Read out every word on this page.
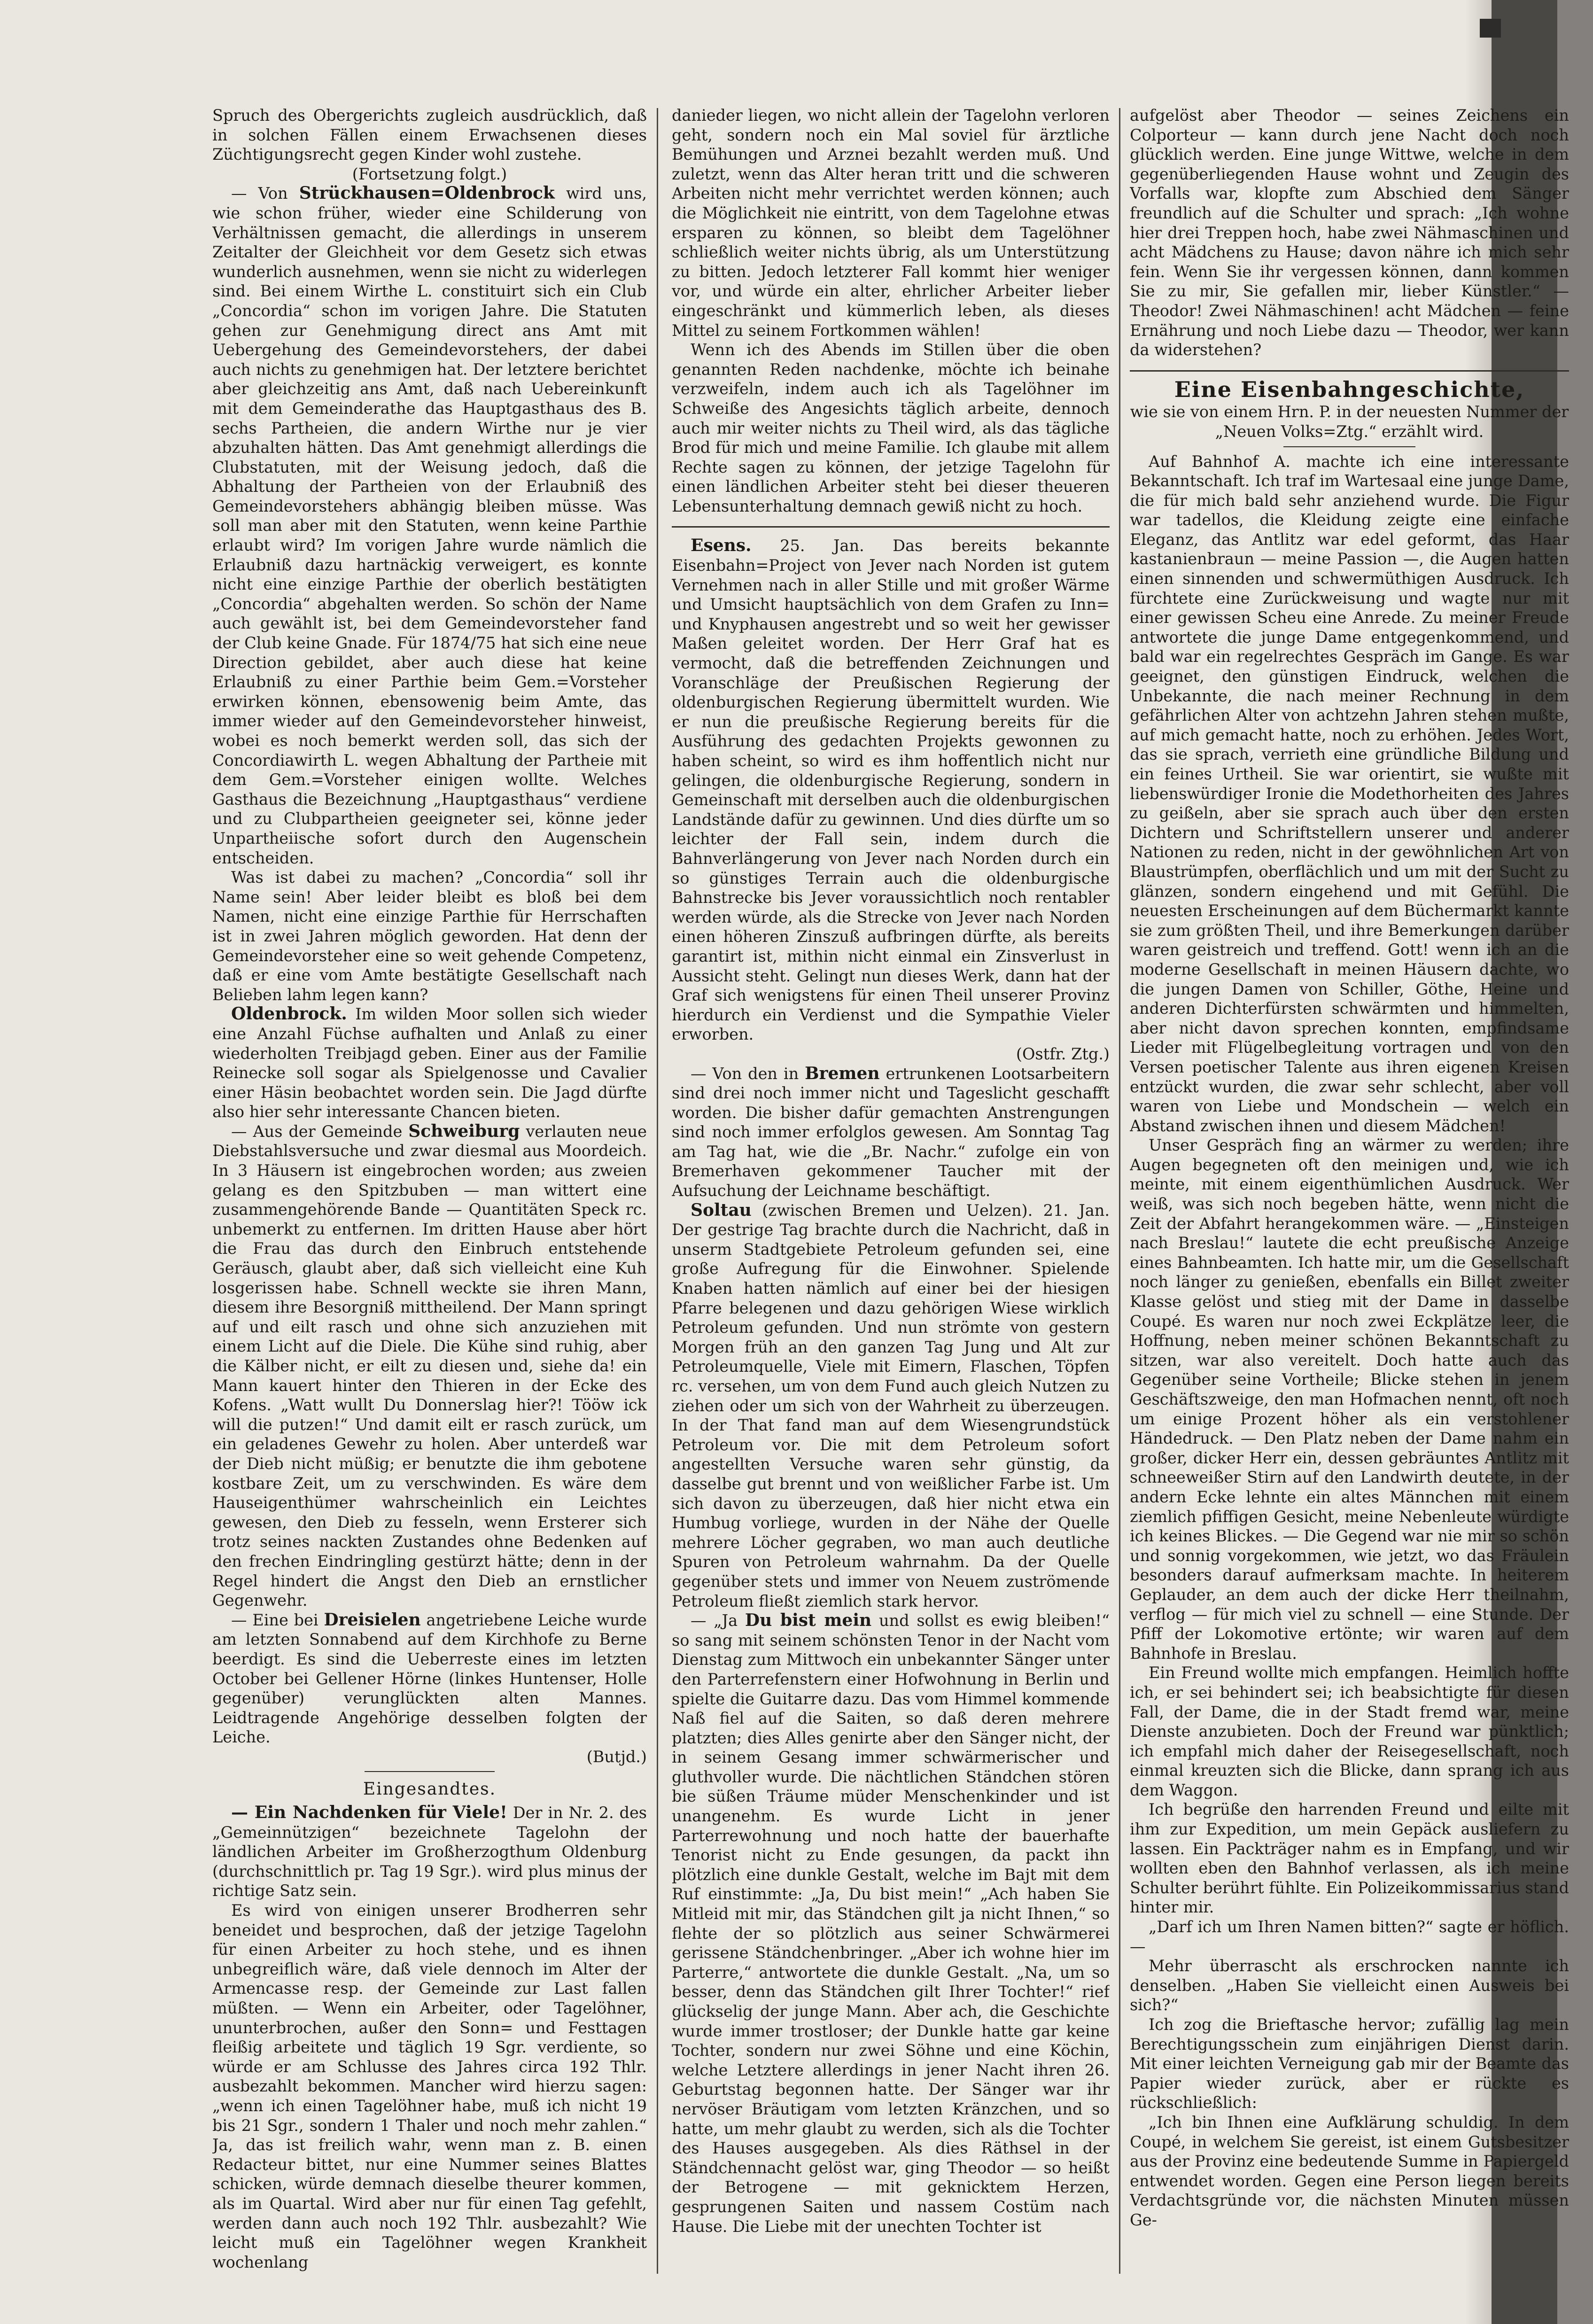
Spruch des Obergerichts zugleich ausdrücklich, daß in solchen Fällen einem Erwachsenen dieses Züchtigungsrecht gegen Kinder wohl zustehe.

(Fortsetzung folgt.)

— Von Strückhausen=Oldenbrock wird uns, wie schon früher, wieder eine Schilderung von Verhältnissen gemacht, die allerdings in unserem Zeitalter der Gleichheit vor dem Gesetz sich etwas wunderlich ausnehmen, wenn sie nicht zu widerlegen sind. Bei einem Wirthe L. constituirt sich ein Club „Concordia“ schon im vorigen Jahre. Die Statuten gehen zur Genehmigung direct ans Amt mit Uebergehung des Gemeindevorstehers, der dabei auch nichts zu genehmigen hat. Der letztere berichtet aber gleichzeitig ans Amt, daß nach Uebereinkunft mit dem Gemeinderathe das Hauptgasthaus des B. sechs Partheien, die andern Wirthe nur je vier abzuhalten hätten. Das Amt genehmigt allerdings die Clubstatuten, mit der Weisung jedoch, daß die Abhaltung der Partheien von der Erlaubniß des Gemeindevorstehers abhängig bleiben müsse. Was soll man aber mit den Statuten, wenn keine Parthie erlaubt wird? Im vorigen Jahre wurde nämlich die Erlaubniß dazu hartnäckig verweigert, es konnte nicht eine einzige Parthie der oberlich bestätigten „Concordia“ abgehalten werden. So schön der Name auch gewählt ist, bei dem Gemeindevorsteher fand der Club keine Gnade. Für 1874/75 hat sich eine neue Direction gebildet, aber auch diese hat keine Erlaubniß zu einer Parthie beim Gem.=Vorsteher erwirken können, ebensowenig beim Amte, das immer wieder auf den Gemeindevorsteher hinweist, wobei es noch bemerkt werden soll, das sich der Concordiawirth L. wegen Abhaltung der Partheie mit dem Gem.=Vorsteher einigen wollte. Welches Gasthaus die Bezeichnung „Hauptgasthaus“ verdiene und zu Clubpartheien geeigneter sei, könne jeder Unpartheiische sofort durch den Augenschein entscheiden.

Was ist dabei zu machen? „Concordia“ soll ihr Name sein! Aber leider bleibt es bloß bei dem Namen, nicht eine einzige Parthie für Herrschaften ist in zwei Jahren möglich geworden. Hat denn der Gemeindevorsteher eine so weit gehende Competenz, daß er eine vom Amte bestätigte Gesellschaft nach Belieben lahm legen kann?

Oldenbrock. Im wilden Moor sollen sich wieder eine Anzahl Füchse aufhalten und Anlaß zu einer wiederholten Treibjagd geben. Einer aus der Familie Reinecke soll sogar als Spielgenosse und Cavalier einer Häsin beobachtet worden sein. Die Jagd dürfte also hier sehr interessante Chancen bieten.

— Aus der Gemeinde Schweiburg verlauten neue Diebstahlsversuche und zwar diesmal aus Moordeich. In 3 Häusern ist eingebrochen worden; aus zweien gelang es den Spitzbuben — man wittert eine zusammengehörende Bande — Quantitäten Speck rc. unbemerkt zu entfernen. Im dritten Hause aber hört die Frau das durch den Einbruch entstehende Geräusch, glaubt aber, daß sich vielleicht eine Kuh losgerissen habe. Schnell weckte sie ihren Mann, diesem ihre Besorgniß mittheilend. Der Mann springt auf und eilt rasch und ohne sich anzuziehen mit einem Licht auf die Diele. Die Kühe sind ruhig, aber die Kälber nicht, er eilt zu diesen und, siehe da! ein Mann kauert hinter den Thieren in der Ecke des Kofens. „Watt wullt Du Donnerslag hier?! Tööw ick will die putzen!“ Und damit eilt er rasch zurück, um ein geladenes Gewehr zu holen. Aber unterdeß war der Dieb nicht müßig; er benutzte die ihm gebotene kostbare Zeit, um zu verschwinden. Es wäre dem Hauseigenthümer wahrscheinlich ein Leichtes gewesen, den Dieb zu fesseln, wenn Ersterer sich trotz seines nackten Zustandes ohne Bedenken auf den frechen Eindringling gestürzt hätte; denn in der Regel hindert die Angst den Dieb an ernstlicher Gegenwehr.

— Eine bei Dreisielen angetriebene Leiche wurde am letzten Sonnabend auf dem Kirchhofe zu Berne beerdigt. Es sind die Ueberreste eines im letzten October bei Gellener Hörne (linkes Huntenser, Holle gegenüber) verunglückten alten Mannes. Leidtragende Angehörige desselben folgten der Leiche.

(Butjd.)

Eingesandtes.

— Ein Nachdenken für Viele! Der in Nr. 2. des „Gemeinnützigen“ bezeichnete Tagelohn der ländlichen Arbeiter im Großherzogthum Oldenburg (durchschnittlich pr. Tag 19 Sgr.). wird plus minus der richtige Satz sein.

Es wird von einigen unserer Brodherren sehr beneidet und besprochen, daß der jetzige Tagelohn für einen Arbeiter zu hoch stehe, und es ihnen unbegreiflich wäre, daß viele dennoch im Alter der Armencasse resp. der Gemeinde zur Last fallen müßten. — Wenn ein Arbeiter, oder Tagelöhner, ununterbrochen, außer den Sonn= und Festtagen fleißig arbeitete und täglich 19 Sgr. verdiente, so würde er am Schlusse des Jahres circa 192 Thlr. ausbezahlt bekommen. Mancher wird hierzu sagen: „wenn ich einen Tagelöhner habe, muß ich nicht 19 bis 21 Sgr., sondern 1 Thaler und noch mehr zahlen.“ Ja, das ist freilich wahr, wenn man z. B. einen Redacteur bittet, nur eine Nummer seines Blattes schicken, würde demnach dieselbe theurer kommen, als im Quartal. Wird aber nur für einen Tag gefehlt, werden dann auch noch 192 Thlr. ausbezahlt? Wie leicht muß ein Tagelöhner wegen Krankheit wochenlang

danieder liegen, wo nicht allein der Tagelohn verloren geht, sondern noch ein Mal soviel für ärztliche Bemühungen und Arznei bezahlt werden muß. Und zuletzt, wenn das Alter heran tritt und die schweren Arbeiten nicht mehr verrichtet werden können; auch die Möglichkeit nie eintritt, von dem Tagelohne etwas ersparen zu können, so bleibt dem Tagelöhner schließlich weiter nichts übrig, als um Unterstützung zu bitten. Jedoch letzterer Fall kommt hier weniger vor, und würde ein alter, ehrlicher Arbeiter lieber eingeschränkt und kümmerlich leben, als dieses Mittel zu seinem Fortkommen wählen!

Wenn ich des Abends im Stillen über die oben genannten Reden nachdenke, möchte ich beinahe verzweifeln, indem auch ich als Tagelöhner im Schweiße des Angesichts täglich arbeite, dennoch auch mir weiter nichts zu Theil wird, als das tägliche Brod für mich und meine Familie. Ich glaube mit allem Rechte sagen zu können, der jetzige Tagelohn für einen ländlichen Arbeiter steht bei dieser theueren Lebensunterhaltung demnach gewiß nicht zu hoch.

Esens. 25. Jan. Das bereits bekannte Eisenbahn=Project von Jever nach Norden ist gutem Vernehmen nach in aller Stille und mit großer Wärme und Umsicht hauptsächlich von dem Grafen zu Inn= und Knyphausen angestrebt und so weit her gewisser Maßen geleitet worden. Der Herr Graf hat es vermocht, daß die betreffenden Zeichnungen und Voranschläge der Preußischen Regierung der oldenburgischen Regierung übermittelt wurden. Wie er nun die preußische Regierung bereits für die Ausführung des gedachten Projekts gewonnen zu haben scheint, so wird es ihm hoffentlich nicht nur gelingen, die oldenburgische Regierung, sondern in Gemeinschaft mit derselben auch die oldenburgischen Landstände dafür zu gewinnen. Und dies dürfte um so leichter der Fall sein, indem durch die Bahnverlängerung von Jever nach Norden durch ein so günstiges Terrain auch die oldenburgische Bahnstrecke bis Jever voraussichtlich noch rentabler werden würde, als die Strecke von Jever nach Norden einen höheren Zinszuß aufbringen dürfte, als bereits garantirt ist, mithin nicht einmal ein Zinsverlust in Aussicht steht. Gelingt nun dieses Werk, dann hat der Graf sich wenigstens für einen Theil unserer Provinz hierdurch ein Verdienst und die Sympathie Vieler erworben.

(Ostfr. Ztg.)

— Von den in Bremen ertrunkenen Lootsarbeitern sind drei noch immer nicht und Tageslicht geschafft worden. Die bisher dafür gemachten Anstrengungen sind noch immer erfolglos gewesen. Am Sonntag Tag am Tag hat, wie die „Br. Nachr.“ zufolge ein von Bremerhaven gekommener Taucher mit der Aufsuchung der Leichname beschäftigt.

Soltau (zwischen Bremen und Uelzen). 21. Jan. Der gestrige Tag brachte durch die Nachricht, daß in unserm Stadtgebiete Petroleum gefunden sei, eine große Aufregung für die Einwohner. Spielende Knaben hatten nämlich auf einer bei der hiesigen Pfarre belegenen und dazu gehörigen Wiese wirklich Petroleum gefunden. Und nun strömte von gestern Morgen früh an den ganzen Tag Jung und Alt zur Petroleumquelle, Viele mit Eimern, Flaschen, Töpfen rc. versehen, um von dem Fund auch gleich Nutzen zu ziehen oder um sich von der Wahrheit zu überzeugen. In der That fand man auf dem Wiesengrundstück Petroleum vor. Die mit dem Petroleum sofort angestellten Versuche waren sehr günstig, da dasselbe gut brennt und von weißlicher Farbe ist. Um sich davon zu überzeugen, daß hier nicht etwa ein Humbug vorliege, wurden in der Nähe der Quelle mehrere Löcher gegraben, wo man auch deutliche Spuren von Petroleum wahrnahm. Da der Quelle gegenüber stets und immer von Neuem zuströmende Petroleum fließt ziemlich stark hervor.

— „Ja Du bist mein und sollst es ewig bleiben!“ so sang mit seinem schönsten Tenor in der Nacht vom Dienstag zum Mittwoch ein unbekannter Sänger unter den Parterrefenstern einer Hofwohnung in Berlin und spielte die Guitarre dazu. Das vom Himmel kommende Naß fiel auf die Saiten, so daß deren mehrere platzten; dies Alles genirte aber den Sänger nicht, der in seinem Gesang immer schwärmerischer und gluthvoller wurde. Die nächtlichen Ständchen stören bie süßen Träume müder Menschenkinder und ist unangenehm. Es wurde Licht in jener Parterrewohnung und noch hatte der bauerhafte Tenorist nicht zu Ende gesungen, da packt ihn plötzlich eine dunkle Gestalt, welche im Bajt mit dem Ruf einstimmte: „Ja, Du bist mein!“ „Ach haben Sie Mitleid mit mir, das Ständchen gilt ja nicht Ihnen,“ so flehte der so plötzlich aus seiner Schwärmerei gerissene Ständchenbringer. „Aber ich wohne hier im Parterre,“ antwortete die dunkle Gestalt. „Na, um so besser, denn das Ständchen gilt Ihrer Tochter!“ rief glückselig der junge Mann. Aber ach, die Geschichte wurde immer trostloser; der Dunkle hatte gar keine Tochter, sondern nur zwei Söhne und eine Köchin, welche Letztere allerdings in jener Nacht ihren 26. Geburtstag begonnen hatte. Der Sänger war ihr nervöser Bräutigam vom letzten Kränzchen, und so hatte, um mehr glaubt zu werden, sich als die Tochter des Hauses ausgegeben. Als dies Räthsel in der Ständchennacht gelöst war, ging Theodor — so heißt der Betrogene — mit geknicktem Herzen, gesprungenen Saiten und nassem Costüm nach Hause. Die Liebe mit der unechten Tochter ist

aufgelöst aber Theodor — seines Zeichens ein Colporteur — kann durch jene Nacht doch noch glücklich werden. Eine junge Wittwe, welche in dem gegenüberliegenden Hause wohnt und Zeugin des Vorfalls war, klopfte zum Abschied dem Sänger freundlich auf die Schulter und sprach: „Ich wohne hier drei Treppen hoch, habe zwei Nähmaschinen und acht Mädchens zu Hause; davon nähre ich mich sehr fein. Wenn Sie ihr vergessen können, dann kommen Sie zu mir, Sie gefallen mir, lieber Künstler.“ — Theodor! Zwei Nähmaschinen! acht Mädchen — feine Ernährung und noch Liebe dazu — Theodor, wer kann da widerstehen?

Eine Eisenbahngeschichte,

wie sie von einem Hrn. P. in der neuesten Nummer der „Neuen Volks=Ztg.“ erzählt wird.

Auf Bahnhof A. machte ich eine interessante Bekanntschaft. Ich traf im Wartesaal eine junge Dame, die für mich bald sehr anziehend wurde. Die Figur war tadellos, die Kleidung zeigte eine einfache Eleganz, das Antlitz war edel geformt, das Haar kastanienbraun — meine Passion —, die Augen hatten einen sinnenden und schwermüthigen Ausdruck. Ich fürchtete eine Zurückweisung und wagte nur mit einer gewissen Scheu eine Anrede. Zu meiner Freude antwortete die junge Dame entgegenkommend, und bald war ein regelrechtes Gespräch im Gange. Es war geeignet, den günstigen Eindruck, welchen die Unbekannte, die nach meiner Rechnung in dem gefährlichen Alter von achtzehn Jahren stehen mußte, auf mich gemacht hatte, noch zu erhöhen. Jedes Wort, das sie sprach, verrieth eine gründliche Bildung und ein feines Urtheil. Sie war orientirt, sie wußte mit liebenswürdiger Ironie die Modethorheiten des Jahres zu geißeln, aber sie sprach auch über den ersten Dichtern und Schriftstellern unserer und anderer Nationen zu reden, nicht in der gewöhnlichen Art von Blaustrümpfen, oberflächlich und um mit der Sucht zu glänzen, sondern eingehend und mit Gefühl. Die neuesten Erscheinungen auf dem Büchermarkt kannte sie zum größten Theil, und ihre Bemerkungen darüber waren geistreich und treffend. Gott! wenn ich an die moderne Gesellschaft in meinen Häusern dachte, wo die jungen Damen von Schiller, Göthe, Heine und anderen Dichterfürsten schwärmten und himmelten, aber nicht davon sprechen konnten, empfindsame Lieder mit Flügelbegleitung vortragen und von den Versen poetischer Talente aus ihren eigenen Kreisen entzückt wurden, die zwar sehr schlecht, aber voll waren von Liebe und Mondschein — welch ein Abstand zwischen ihnen und diesem Mädchen!

Unser Gespräch fing an wärmer zu werden; ihre Augen begegneten oft den meinigen und, wie ich meinte, mit einem eigenthümlichen Ausdruck. Wer weiß, was sich noch begeben hätte, wenn nicht die Zeit der Abfahrt herangekommen wäre. — „Einsteigen nach Breslau!“ lautete die echt preußische Anzeige eines Bahnbeamten. Ich hatte mir, um die Gesellschaft noch länger zu genießen, ebenfalls ein Billet zweiter Klasse gelöst und stieg mit der Dame in dasselbe Coupé. Es waren nur noch zwei Eckplätze leer, die Hoffnung, neben meiner schönen Bekanntschaft zu sitzen, war also vereitelt. Doch hatte auch das Gegenüber seine Vortheile; Blicke stehen in jenem Geschäftszweige, den man Hofmachen nennt, oft noch um einige Prozent höher als ein verstohlener Händedruck. — Den Platz neben der Dame nahm ein großer, dicker Herr ein, dessen gebräuntes Antlitz mit schneeweißer Stirn auf den Landwirth deutete, in der andern Ecke lehnte ein altes Männchen mit einem ziemlich pfiffigen Gesicht, meine Nebenleute würdigte ich keines Blickes. — Die Gegend war nie mir so schön und sonnig vorgekommen, wie jetzt, wo das Fräulein besonders darauf aufmerksam machte. In heiterem Geplauder, an dem auch der dicke Herr theilnahm, verflog — für mich viel zu schnell — eine Stunde. Der Pfiff der Lokomotive ertönte; wir waren auf dem Bahnhofe in Breslau.

Ein Freund wollte mich empfangen. Heimlich hoffte ich, er sei behindert sei; ich beabsichtigte für diesen Fall, der Dame, die in der Stadt fremd war, meine Dienste anzubieten. Doch der Freund war pünktlich; ich empfahl mich daher der Reisegesellschaft, noch einmal kreuzten sich die Blicke, dann sprang ich aus dem Waggon.

Ich begrüße den harrenden Freund und eilte mit ihm zur Expedition, um mein Gepäck ausliefern zu lassen. Ein Packträger nahm es in Empfang, und wir wollten eben den Bahnhof verlassen, als ich meine Schulter berührt fühlte. Ein Polizeikommissarius stand hinter mir.

„Darf ich um Ihren Namen bitten?“ sagte er höflich. —

Mehr überrascht als erschrocken nannte ich denselben. „Haben Sie vielleicht einen Ausweis bei sich?“

Ich zog die Brieftasche hervor; zufällig lag mein Berechtigungsschein zum einjährigen Dienst darin. Mit einer leichten Verneigung gab mir der Beamte das Papier wieder zurück, aber er rückte es rückschließlich:

„Ich bin Ihnen eine Aufklärung schuldig. In dem Coupé, in welchem Sie gereist, ist einem Gutsbesitzer aus der Provinz eine bedeutende Summe in Papiergeld entwendet worden. Gegen eine Person liegen bereits Verdachtsgründe vor, die nächsten Minuten müssen Ge-
